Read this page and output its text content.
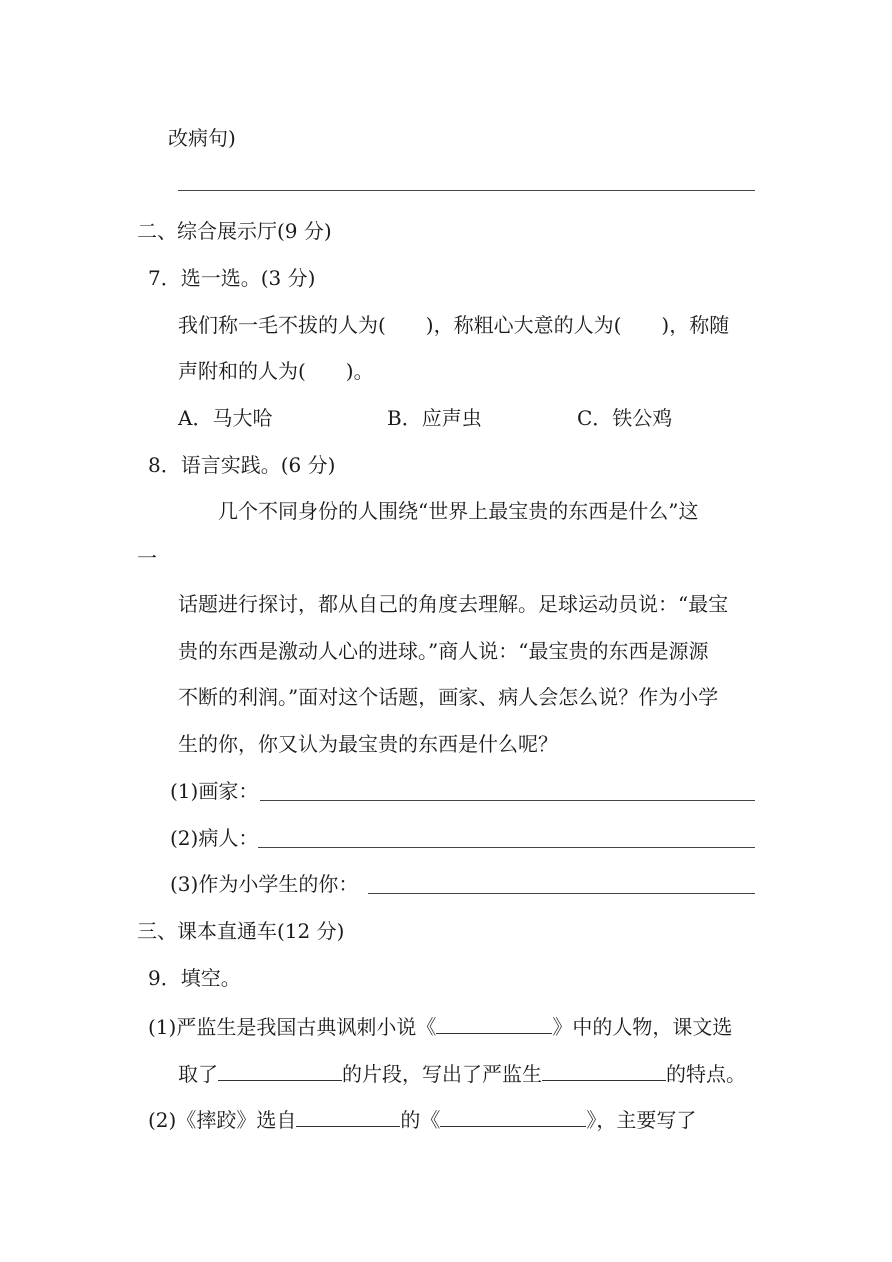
改病句)
二、综合展示厅(9 分)
7．选一选。(3 分)
我们称一毛不拔的人为(　　)，称粗心大意的人为(　　)，称随
声附和的人为(　　)。
A．马大哈	B．应声虫	C．铁公鸡
8．语言实践。(6 分)
几个不同身份的人围绕“世界上最宝贵的东西是什么”这
一
话题进行探讨，都从自己的角度去理解。足球运动员说：“最宝
贵的东西是激动人心的进球。”商人说：“最宝贵的东西是源源
不断的利润。”面对这个话题，画家、病人会怎么说？作为小学
生的你，你又认为最宝贵的东西是什么呢？
(1)画家：
(2)病人：
(3)作为小学生的你：
三、课本直通车(12 分)
9．填空。
(1)严监生是我国古典讽刺小说《	》中的人物，课文选
取了	的片段，写出了严监生	的特点。
(2)《摔跤》选自	的《	》，主要写了
